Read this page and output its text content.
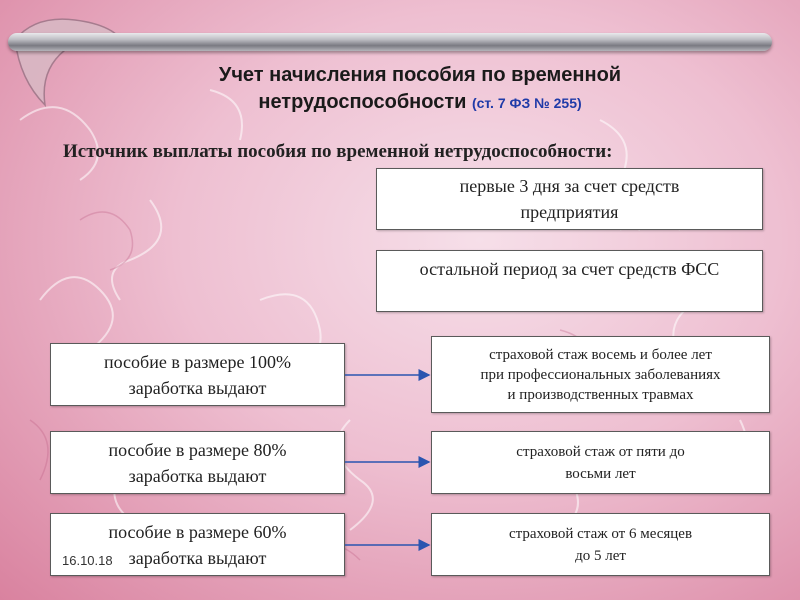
Учет начисления пособия по временной
нетрудоспособности (ст. 7 ФЗ № 255)
Источник выплаты пособия по временной нетрудоспособности:
первые 3 дня за счет средств
предприятия
остальной период за счет средств ФСС
пособие в размере 100%
заработка выдают
страховой стаж восемь и более лет
при профессиональных заболеваниях
и производственных травмах
пособие в размере 80%
заработка выдают
страховой стаж от пяти до
восьми лет
пособие в размере 60%
заработка выдают
страховой стаж от 6 месяцев
до 5 лет
16.10.18
